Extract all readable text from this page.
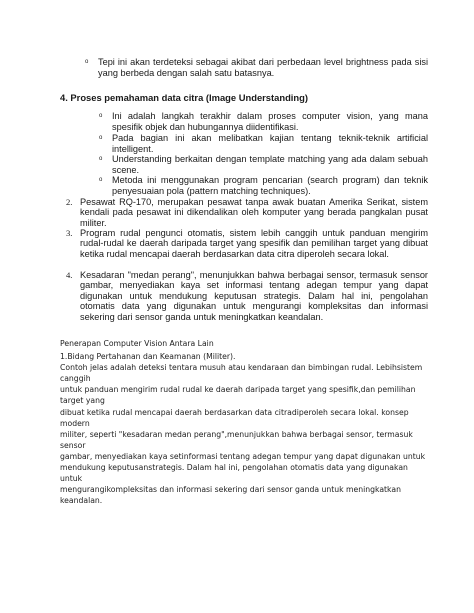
o Tepi ini akan terdeteksi sebagai akibat dari perbedaan level brightness pada sisi yang berbeda dengan salah satu batasnya.
4. Proses pemahaman data citra (Image Understanding)
o Ini adalah langkah terakhir dalam proses computer vision, yang mana spesifik objek dan hubungannya diidentifikasi.
o Pada bagian ini akan melibatkan kajian tentang teknik-teknik artificial intelligent.
o Understanding berkaitan dengan template matching yang ada dalam sebuah scene.
o Metoda ini menggunakan program pencarian (search program) dan teknik penyesuaian pola (pattern matching techniques).
2. Pesawat RQ-170, merupakan pesawat tanpa awak buatan Amerika Serikat, sistem kendali pada pesawat ini dikendalikan oleh komputer yang berada pangkalan pusat militer.
3. Program rudal pengunci otomatis, sistem lebih canggih untuk panduan mengirim rudal-rudal ke daerah daripada target yang spesifik dan pemilihan target yang dibuat ketika rudal mencapai daerah berdasarkan data citra diperoleh secara lokal.
4. Kesadaran "medan perang", menunjukkan bahwa berbagai sensor, termasuk sensor gambar, menyediakan kaya set informasi tentang adegan tempur yang dapat digunakan untuk mendukung keputusan strategis. Dalam hal ini, pengolahan otomatis data yang digunakan untuk mengurangi kompleksitas dan informasi sekering dari sensor ganda untuk meningkatkan keandalan.

Penerapan Computer Vision Antara Lain

1.Bidang Pertahanan dan Keamanan (Militer).

Contoh jelas adalah deteksi tentara musuh atau kendaraan dan bimbingan rudal. Lebihsistem canggih

untuk panduan mengirim rudal rudal ke daerah daripada target yang spesifik,dan pemilihan target yang

dibuat ketika rudal mencapai daerah berdasarkan data citradiperoleh secara lokal. konsep modern

militer, seperti "kesadaran medan perang",menunjukkan bahwa berbagai sensor, termasuk sensor

gambar, menyediakan kaya setinformasi tentang adegan tempur yang dapat digunakan untuk

mendukung keputusanstrategis. Dalam hal ini, pengolahan otomatis data yang digunakan untuk

mengurangikompleksitas dan informasi sekering dari sensor ganda untuk meningkatkan keandalan.
